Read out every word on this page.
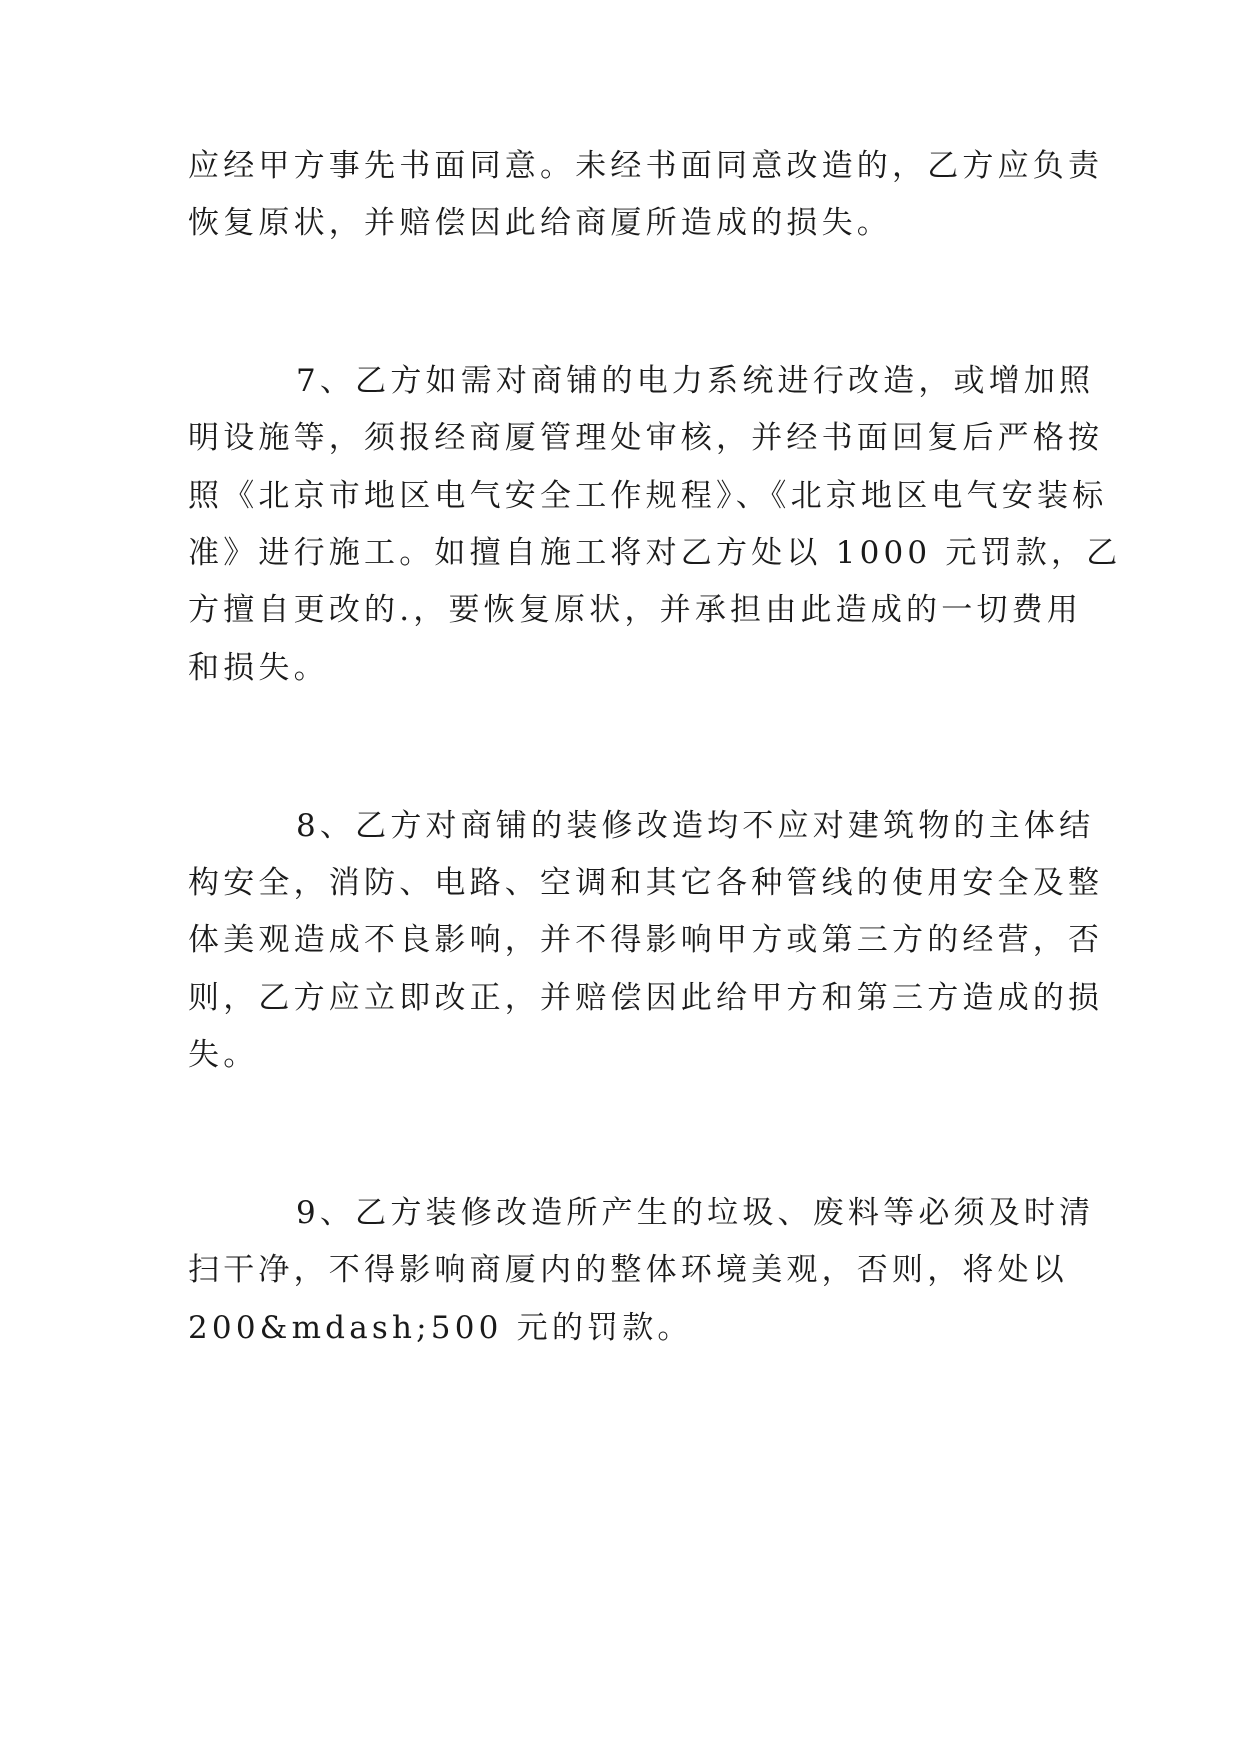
应经甲方事先书面同意。未经书面同意改造的，乙方应负责
恢复原状，并赔偿因此给商厦所造成的损失。
7、乙方如需对商铺的电力系统进行改造，或增加照
明设施等，须报经商厦管理处审核，并经书面回复后严格按
照《北京市地区电气安全工作规程》、《北京地区电气安装标
准》进行施工。如擅自施工将对乙方处以 1000 元罚款，乙
方擅自更改的.，要恢复原状，并承担由此造成的一切费用
和损失。
8、乙方对商铺的装修改造均不应对建筑物的主体结
构安全，消防、电路、空调和其它各种管线的使用安全及整
体美观造成不良影响，并不得影响甲方或第三方的经营，否
则，乙方应立即改正，并赔偿因此给甲方和第三方造成的损
失。
9、乙方装修改造所产生的垃圾、废料等必须及时清
扫干净，不得影响商厦内的整体环境美观，否则，将处以
200&mdash;500 元的罚款。
